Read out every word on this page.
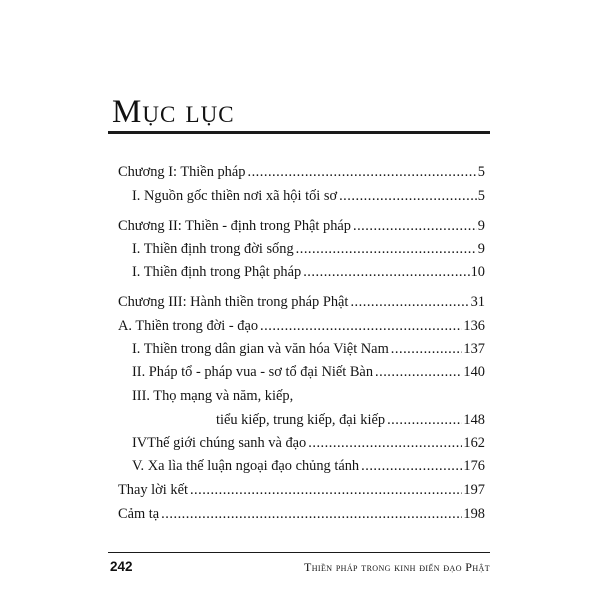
Mục lục
Chương I: Thiền pháp .....	5
I. Nguồn gốc thiền nơi xã hội tối sơ .....	5
Chương II: Thiền - định trong Phật pháp .....	9
I. Thiền định trong đời sống .....	9
I. Thiền định trong Phật pháp .....	10
Chương III: Hành thiền trong pháp Phật .....	31
A. Thiền trong đời - đạo .....	136
I. Thiền trong dân gian và văn hóa Việt Nam .....	137
II. Pháp tổ - pháp vua - sơ tổ đại Niết Bàn .....	140
III. Thọ mạng và năm, kiếp,
tiểu kiếp, trung kiếp, đại kiếp .....	148
IVThế giới chúng sanh và đạo .....	162
V. Xa lìa thế luận ngoại đạo chủng tánh .....	176
Thay lời kết .....	197
Cảm tạ .....	198
242	Thiền pháp trong kinh điển đạo Phật
